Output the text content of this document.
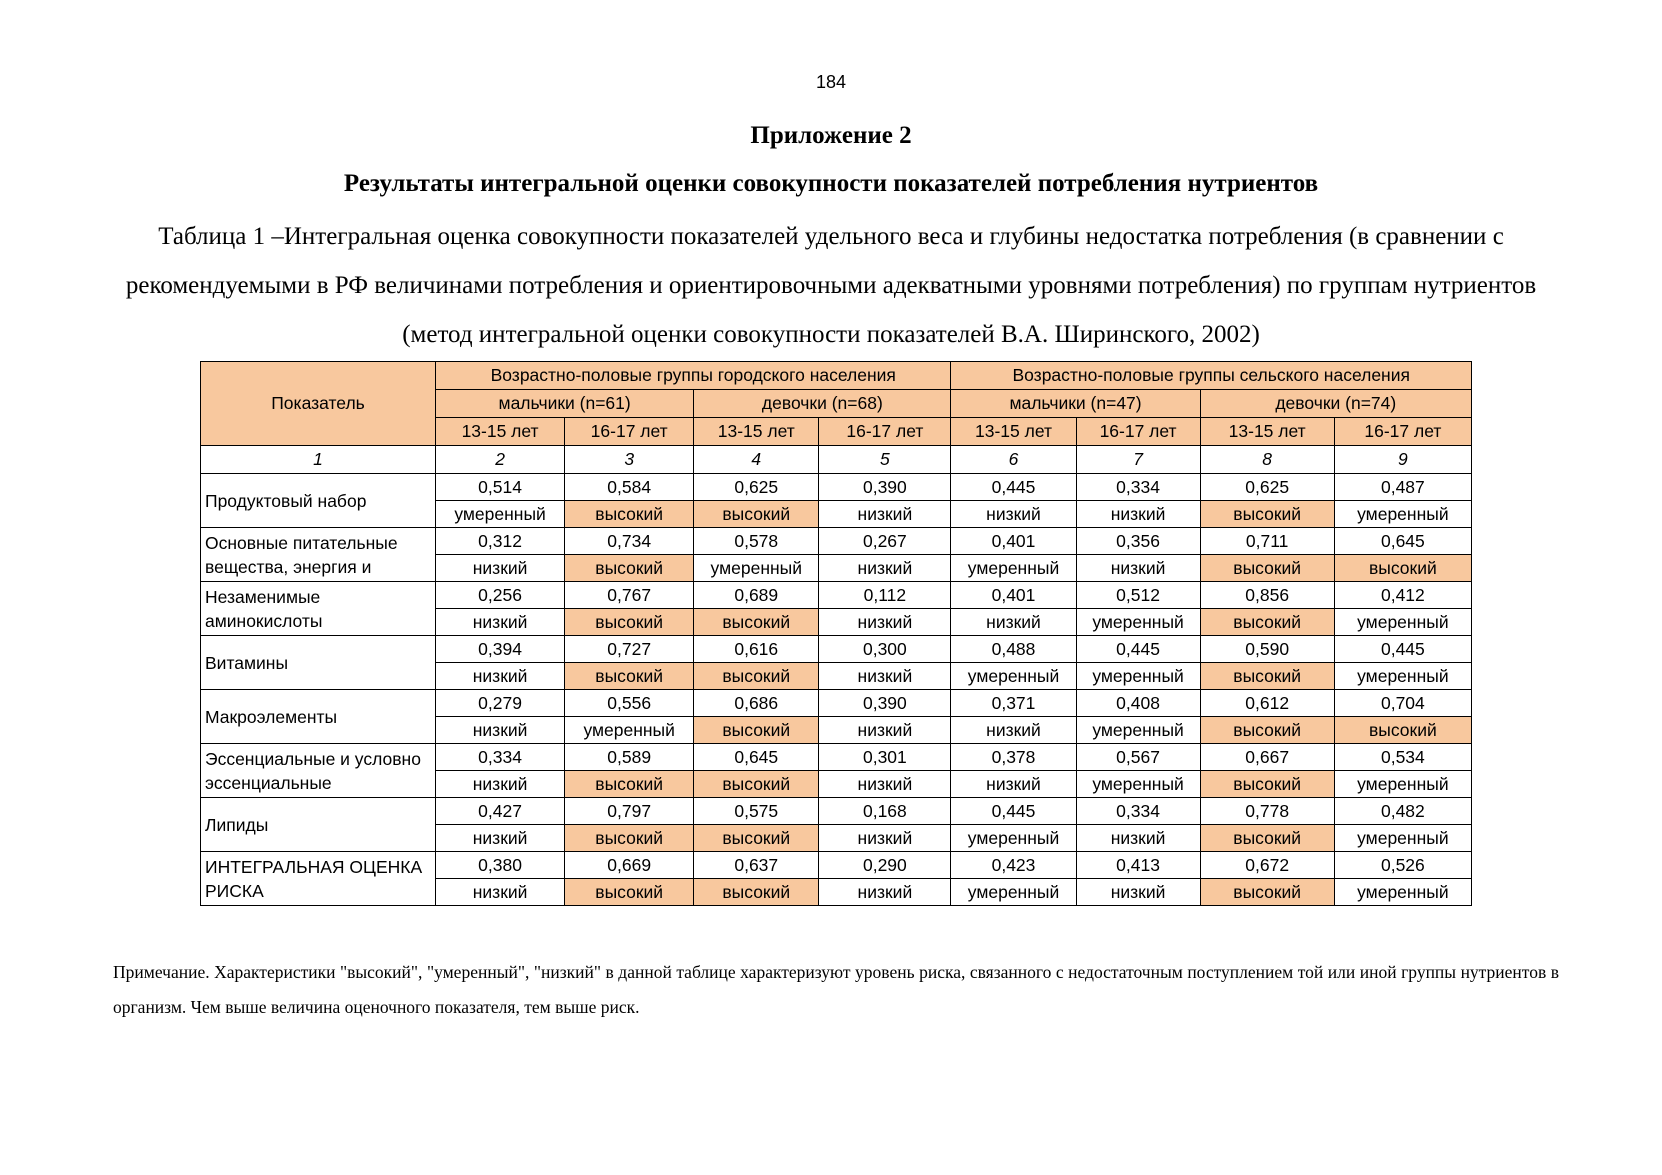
184
Приложение 2
Результаты интегральной оценки совокупности показателей потребления нутриентов
Таблица 1 –Интегральная оценка совокупности показателей удельного веса и глубины недостатка потребления (в сравнении с рекомендуемыми в РФ величинами потребления и ориентировочными адекватными уровнями потребления) по группам нутриентов (метод интегральной оценки совокупности показателей В.А. Ширинского, 2002)
Показатель	Возрастно-половые группы городского населения				Возрастно-половые группы сельского населения			
	мальчики (n=61)		девочки (n=68)		мальчики (n=47)		девочки (n=74)	
	13-15 лет	16-17 лет	13-15 лет	16-17 лет	13-15 лет	16-17 лет	13-15 лет	16-17 лет
1	2	3	4	5	6	7	8	9
Продуктовый набор	0,514	0,584	0,625	0,390	0,445	0,334	0,625	0,487
	умеренный	высокий	высокий	низкий	низкий	низкий	высокий	умеренный
Основные питательные вещества, энергия и	0,312	0,734	0,578	0,267	0,401	0,356	0,711	0,645
	низкий	высокий	умеренный	низкий	умеренный	низкий	высокий	высокий
Незаменимые аминокислоты	0,256	0,767	0,689	0,112	0,401	0,512	0,856	0,412
	низкий	высокий	высокий	низкий	низкий	умеренный	высокий	умеренный
Витамины	0,394	0,727	0,616	0,300	0,488	0,445	0,590	0,445
	низкий	высокий	высокий	низкий	умеренный	умеренный	высокий	умеренный
Макроэлементы	0,279	0,556	0,686	0,390	0,371	0,408	0,612	0,704
	низкий	умеренный	высокий	низкий	низкий	умеренный	высокий	высокий
Эссенциальные и условно эссенциальные	0,334	0,589	0,645	0,301	0,378	0,567	0,667	0,534
	низкий	высокий	высокий	низкий	низкий	умеренный	высокий	умеренный
Липиды	0,427	0,797	0,575	0,168	0,445	0,334	0,778	0,482
	низкий	высокий	высокий	низкий	умеренный	низкий	высокий	умеренный
ИНТЕГРАЛЬНАЯ ОЦЕНКА РИСКА	0,380	0,669	0,637	0,290	0,423	0,413	0,672	0,526
	низкий	высокий	высокий	низкий	умеренный	низкий	высокий	умеренный
Примечание. Характеристики "высокий", "умеренный", "низкий" в данной таблице характеризуют уровень риска, связанного с недостаточным поступлением той или иной группы нутриентов в организм. Чем выше величина оценочного показателя, тем выше риск.
